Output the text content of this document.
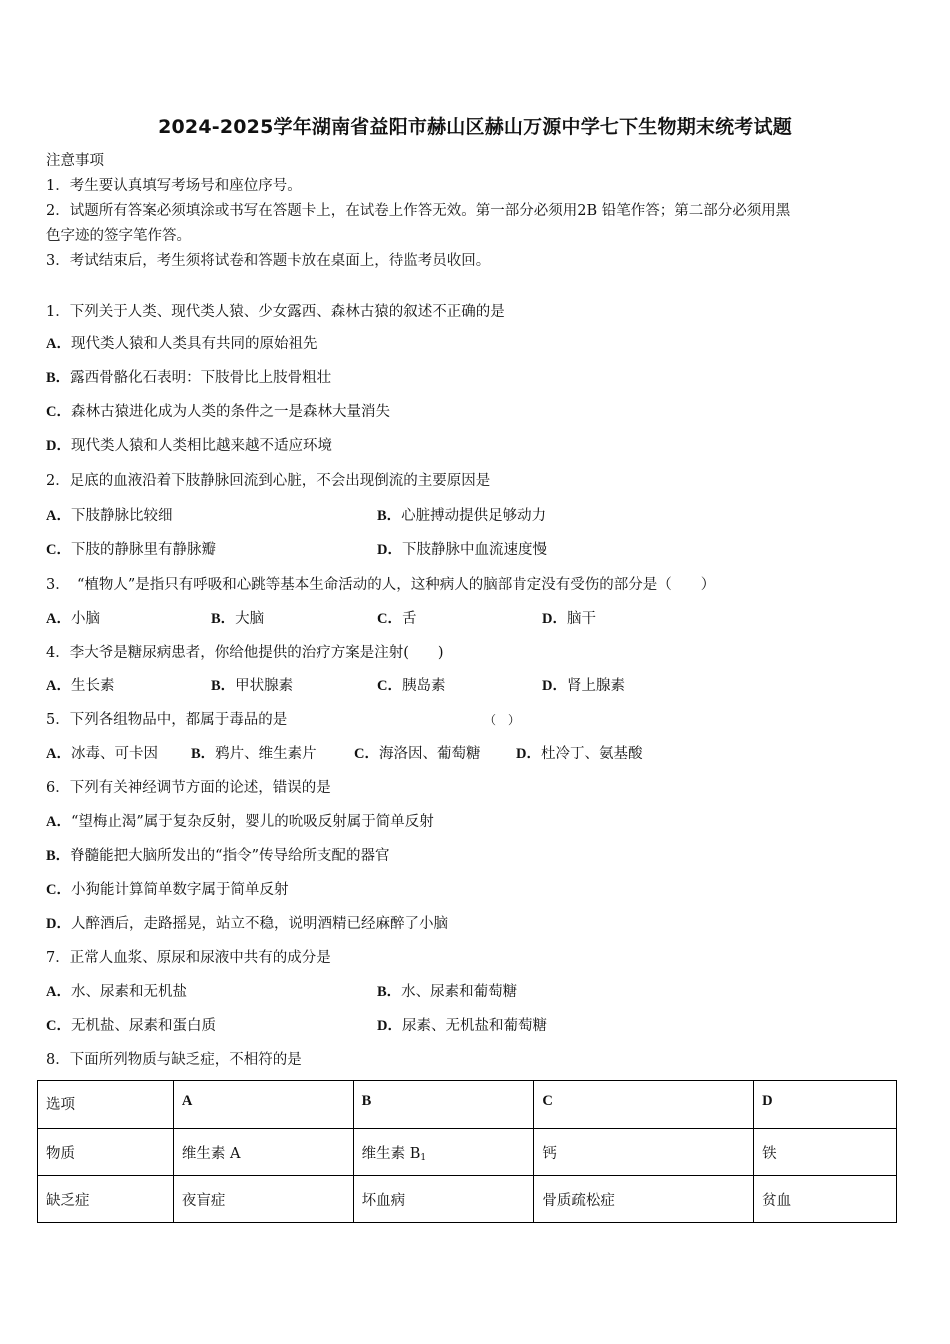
2024-2025学年湖南省益阳市赫山区赫山万源中学七下生物期末统考试题
注意事项
1．考生要认真填写考场号和座位序号。
2．试题所有答案必须填涂或书写在答题卡上，在试卷上作答无效。第一部分必须用2B 铅笔作答；第二部分必须用黑
色字迹的签字笔作答。
3．考试结束后，考生须将试卷和答题卡放在桌面上，待监考员收回。
1．下列关于人类、现代类人猿、少女露西、森林古猿的叙述不正确的是
A．现代类人猿和人类具有共同的原始祖先
B．露西骨骼化石表明：下肢骨比上肢骨粗壮
C．森林古猿进化成为人类的条件之一是森林大量消失
D．现代类人猿和人类相比越来越不适应环境
2．足底的血液沿着下肢静脉回流到心脏，不会出现倒流的主要原因是
A．下肢静脉比较细	B．心脏搏动提供足够动力
C．下肢的静脉里有静脉瓣	D．下肢静脉中血流速度慢
3．　“植物人”是指只有呼吸和心跳等基本生命活动的人，这种病人的脑部肯定没有受伤的部分是（　　）
A．小脑	B．大脑	C．舌	D．脑干
4．李大爷是糖尿病患者，你给他提供的治疗方案是注射(　　)
A．生长素	B．甲状腺素	C．胰岛素	D．肾上腺素
5．下列各组物品中，都属于毒品的是	（　）
A．冰毒、可卡因 B．鸦片、维生素片	C．海洛因、葡萄糖 D．杜冷丁、氨基酸
6．下列有关神经调节方面的论述，错误的是
A．“望梅止渴”属于复杂反射，婴儿的吮吸反射属于简单反射
B．脊髓能把大脑所发出的“指令”传导给所支配的器官
C．小狗能计算简单数字属于简单反射
D．人醉酒后，走路摇晃，站立不稳，说明酒精已经麻醉了小脑
7．正常人血浆、原尿和尿液中共有的成分是
A．水、尿素和无机盐	B．水、尿素和葡萄糖
C．无机盐、尿素和蛋白质	D．尿素、无机盐和葡萄糖
8．下面所列物质与缺乏症，不相符的是
选项	A	B	C	D
物质	维生素 A	维生素 $B_1$	钙	铁
缺乏症	夜盲症	坏血病	骨质疏松症	贫血
